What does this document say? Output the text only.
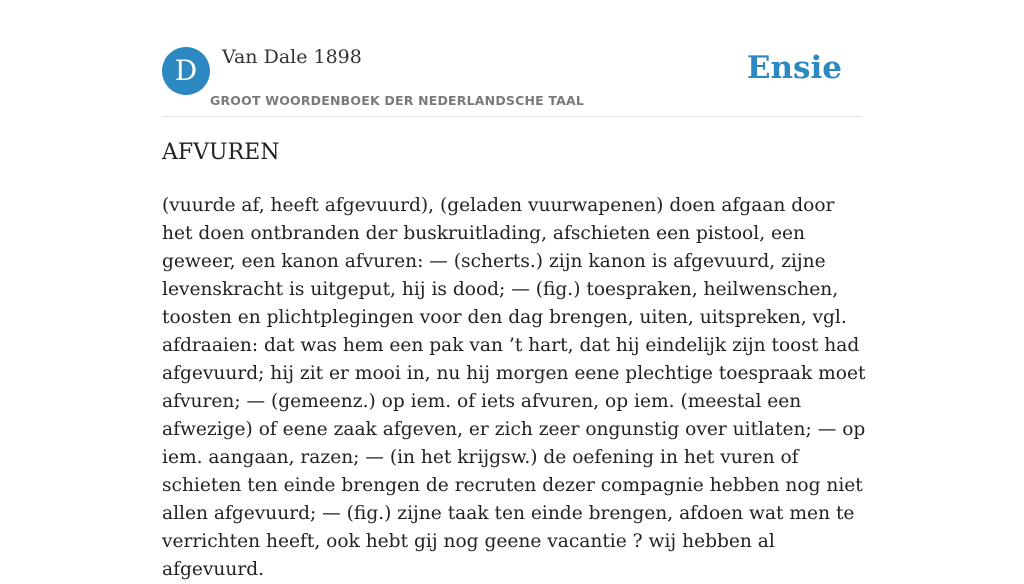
D	Van Dale 1898
GROOT WOORDENBOEK DER NEDERLANDSCHE TAAL
Ensie
AFVUREN

(vuurde af, heeft afgevuurd), (geladen vuurwapenen) doen afgaan door het doen ontbranden der buskruitlading, afschieten een pistool, een geweer, een kanon afvuren: — (scherts.) zijn kanon is afgevuurd, zijne levenskracht is uitgeput, hij is dood; — (fig.) toespraken, heilwenschen, toosten en plichtplegingen voor den dag brengen, uiten, uitspreken, vgl. afdraaien: dat was hem een pak van ’t hart, dat hij eindelijk zijn toost had afgevuurd; hij zit er mooi in, nu hij morgen eene plechtige toespraak moet afvuren; — (gemeenz.) op iem. of iets afvuren, op iem. (meestal een afwezige) of eene zaak afgeven, er zich zeer ongunstig over uitlaten; — op iem. aangaan, razen; — (in het krijgsw.) de oefening in het vuren of schieten ten einde brengen de recruten dezer compagnie hebben nog niet allen afgevuurd; — (fig.) zijne taak ten einde brengen, afdoen wat men te verrichten heeft, ook hebt gij nog geene vacantie ? wij hebben al afgevuurd.
